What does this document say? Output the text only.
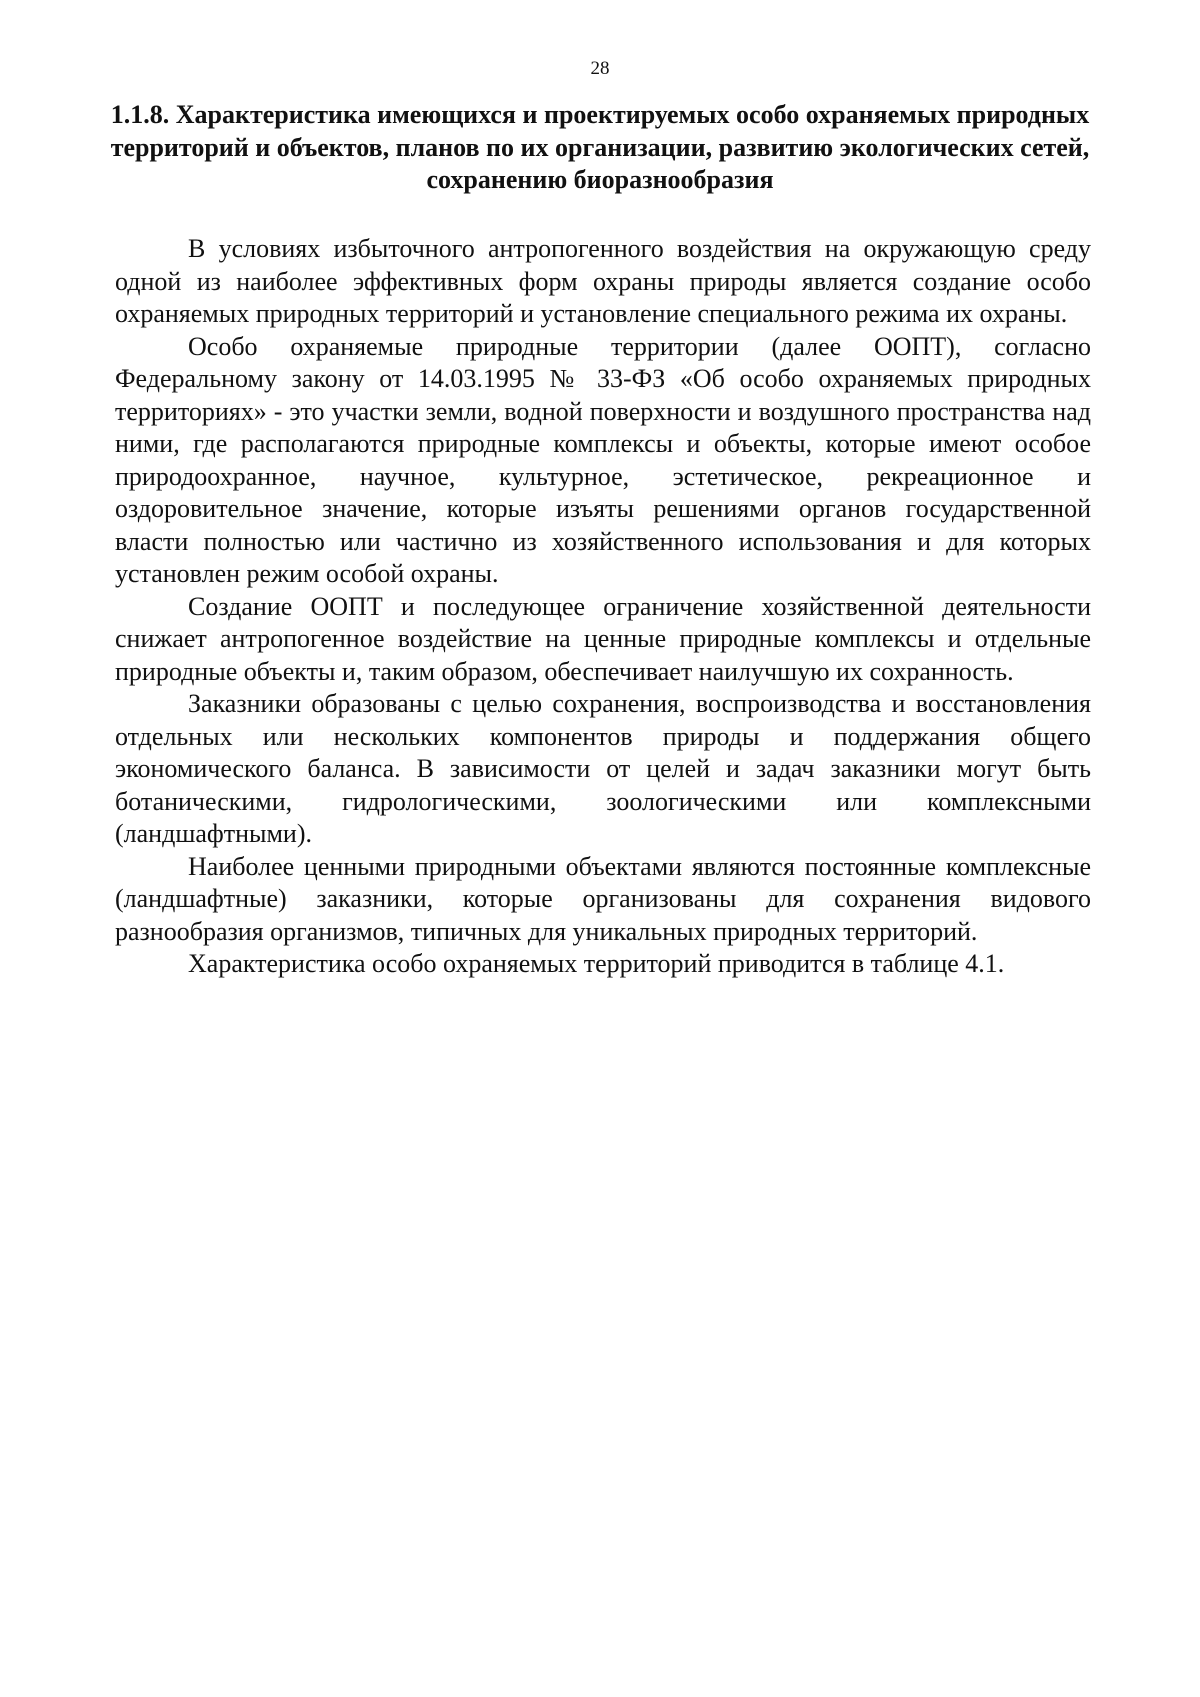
28
1.1.8. Характеристика имеющихся и проектируемых особо охраняемых природных территорий и объектов, планов по их организации, развитию экологических сетей, сохранению биоразнообразия

В условиях избыточного антропогенного воздействия на окружающую среду одной из наиболее эффективных форм охраны природы является создание особо охраняемых природных территорий и установление специального режима их охраны.

Особо охраняемые природные территории (далее ООПТ), согласно Федеральному закону от 14.03.1995 № 33-ФЗ «Об особо охраняемых природных территориях» - это участки земли, водной поверхности и воздушного пространства над ними, где располагаются природные комплексы и объекты, которые имеют особое природоохранное, научное, культурное, эстетическое, рекреационное и оздоровительное значение, которые изъяты решениями органов государственной власти полностью или частично из хозяйственного использования и для которых установлен режим особой охраны.

Создание ООПТ и последующее ограничение хозяйственной деятельности снижает антропогенное воздействие на ценные природные комплексы и отдельные природные объекты и, таким образом, обеспечивает наилучшую их сохранность.

Заказники образованы с целью сохранения, воспроизводства и восстановления отдельных или нескольких компонентов природы и поддержания общего экономического баланса. В зависимости от целей и задач заказники могут быть ботаническими, гидрологическими, зоологическими или комплексными (ландшафтными).

Наиболее ценными природными объектами являются постоянные комплексные (ландшафтные) заказники, которые организованы для сохранения видового разнообразия организмов, типичных для уникальных природных территорий.

Характеристика особо охраняемых территорий приводится в таблице 4.1.
